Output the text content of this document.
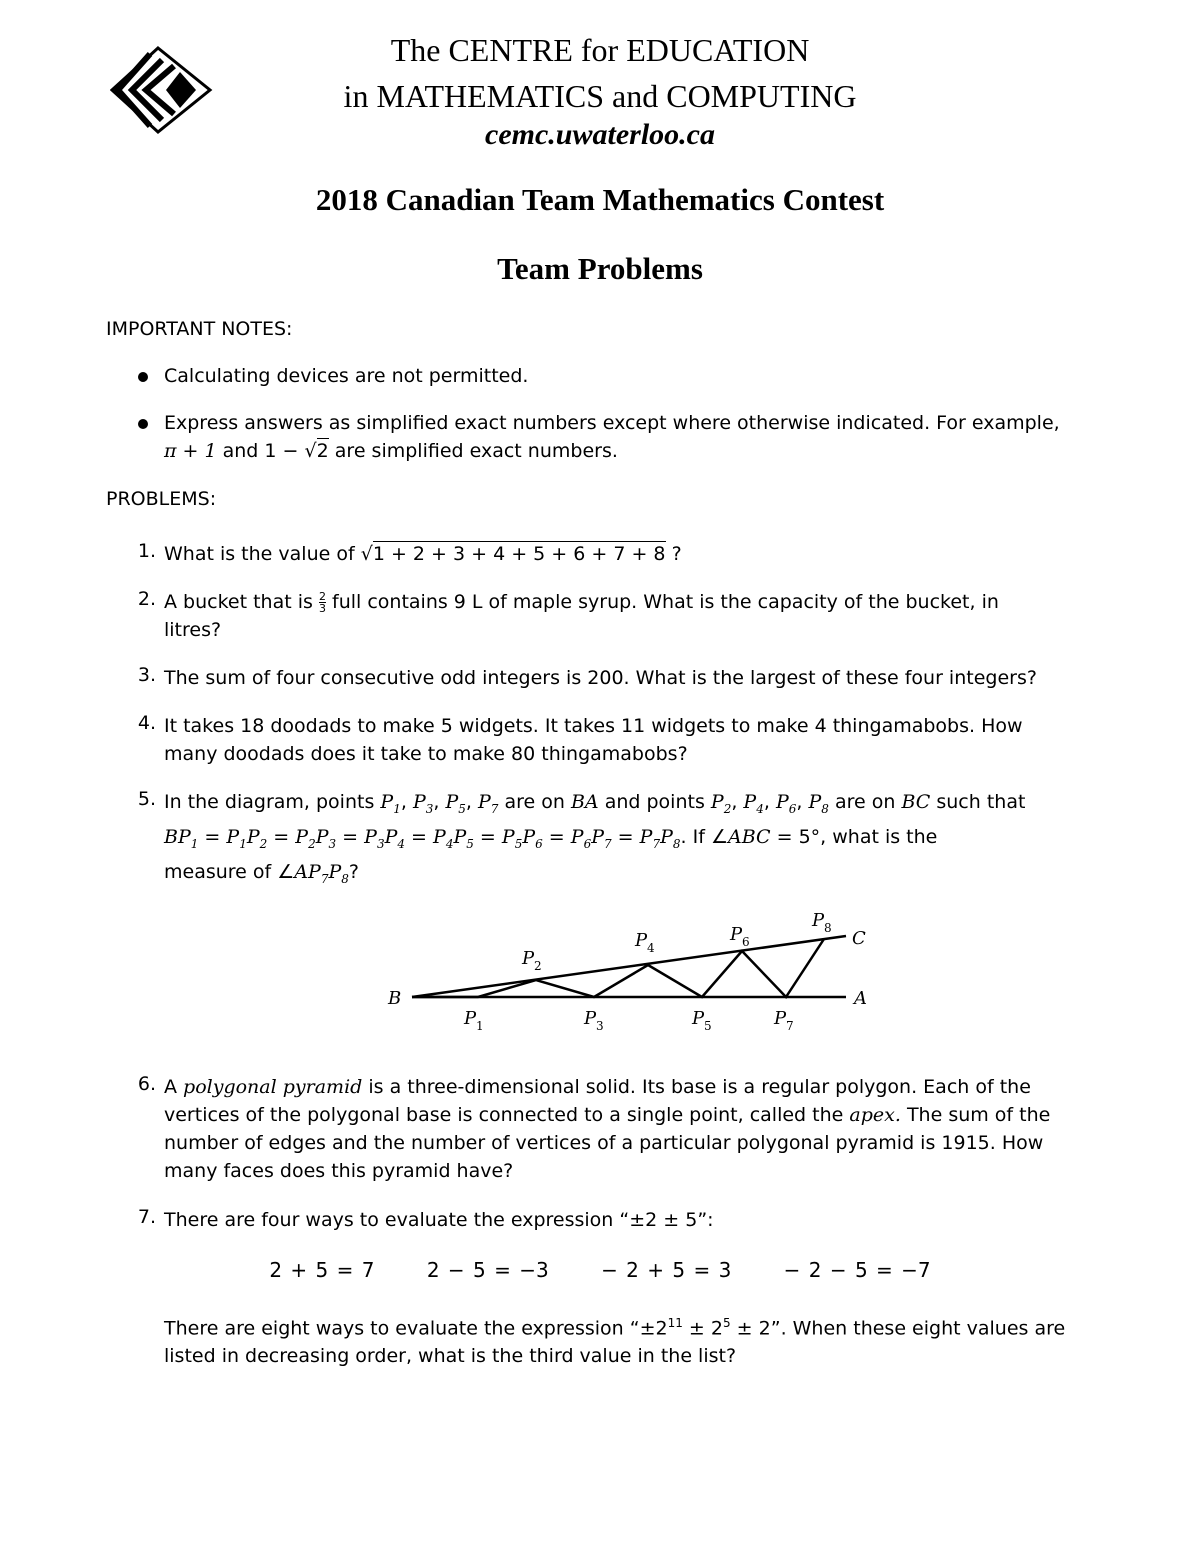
The CENTRE for EDUCATION
in MATHEMATICS and COMPUTING
cemc.uwaterloo.ca
2018 Canadian Team Mathematics Contest
Team Problems
IMPORTANT NOTES:
Calculating devices are not permitted.
Express answers as simplified exact numbers except where otherwise indicated. For example,
π + 1 and 1 − √2 are simplified exact numbers.
PROBLEMS:
1. What is the value of √1 + 2 + 3 + 4 + 5 + 6 + 7 + 8 ?
2. A bucket that is $\frac{2}{3}$ full contains 9 L of maple syrup. What is the capacity of the bucket, in
litres?
3. The sum of four consecutive odd integers is 200. What is the largest of these four integers?
4. It takes 18 doodads to make 5 widgets. It takes 11 widgets to make 4 thingamabobs. How
many doodads does it take to make 80 thingamabobs?
5. In the diagram, points $P_1$, $P_3$, $P_5$, $P_7$ are on BA and points $P_2$, $P_4$, $P_6$, $P_8$ are on BC such that
$BP_1 = P_1P_2 = P_2P_3 = P_3P_4 = P_4P_5 = P_5P_6 = P_6P_7 = P_7P_8$. If ∠ABC = 5°, what is the
measure of $\angle AP_7P_8$?
B	A
C
P 1
P 2
P 3
P 4
P 5
P 6
P 7
P 8
6. A polygonal pyramid is a three-dimensional solid. Its base is a regular polygon. Each of the
vertices of the polygonal base is connected to a single point, called the apex. The sum of the
number of edges and the number of vertices of a particular polygonal pyramid is 1915. How
many faces does this pyramid have?
7. There are four ways to evaluate the expression “±2 ± 5”:
2 + 5 = 7	2 − 5 = −3	− 2 + 5 = 3	− 2 − 5 = −7
There are eight ways to evaluate the expression “$\pm 2^{11} \pm 2^5 \pm 2$”. When these eight values are
listed in decreasing order, what is the third value in the list?
